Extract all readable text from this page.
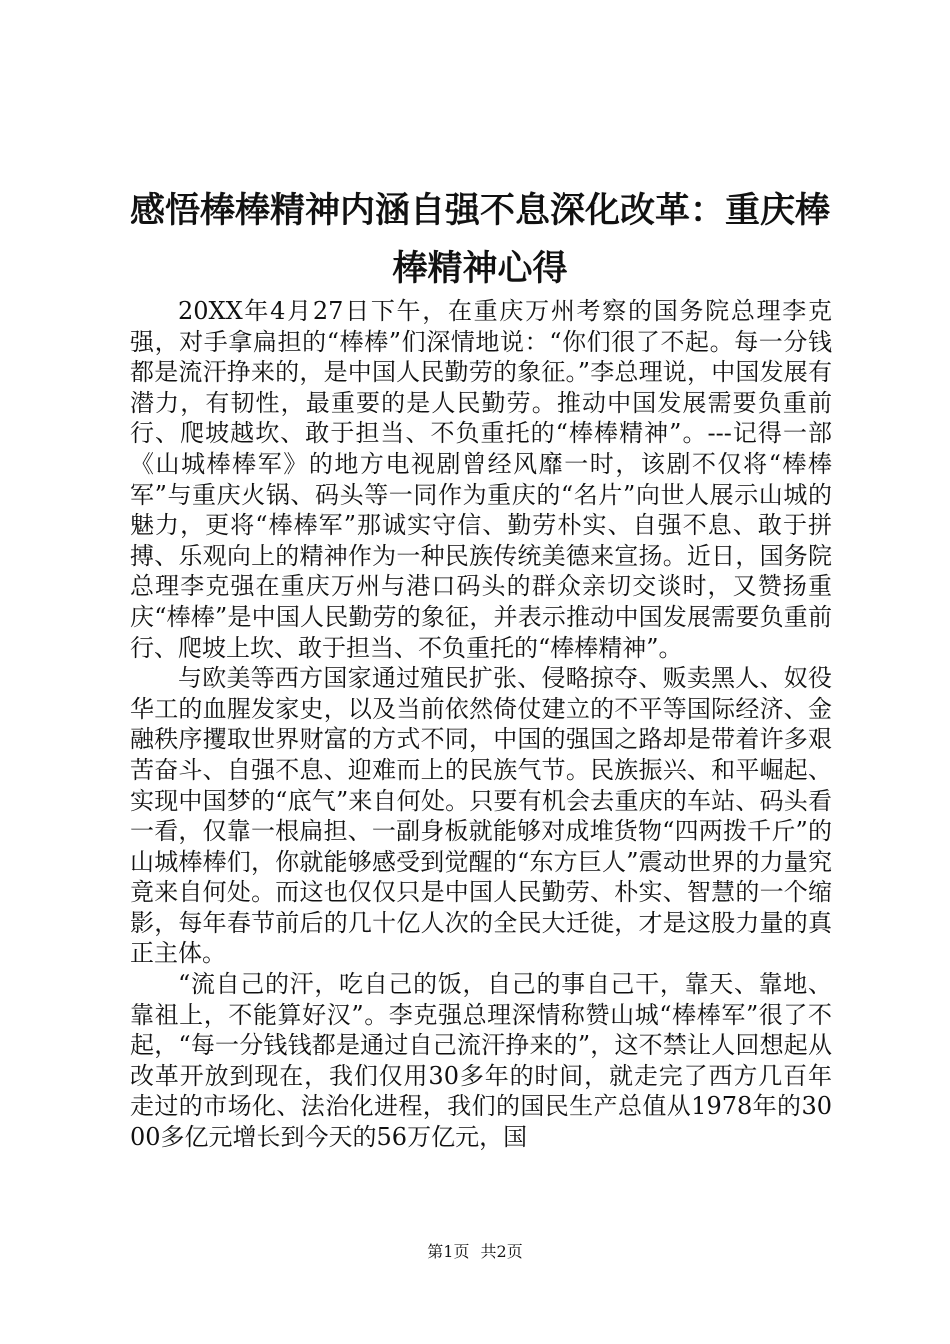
感悟棒棒精神内涵自强不息深化改革：重庆棒棒精神心得

20XX年4月27日下午，在重庆万州考察的国务院总理李克强，对手拿扁担的“棒棒”们深情地说：“你们很了不起。每一分钱都是流汗挣来的，是中国人民勤劳的象征。”李总理说，中国发展有潜力，有韧性，最重要的是人民勤劳。推动中国发展需要负重前行、爬坡越坎、敢于担当、不负重托的“棒棒精神”。---记得一部《山城棒棒军》的地方电视剧曾经风靡一时，该剧不仅将“棒棒军”与重庆火锅、码头等一同作为重庆的“名片”向世人展示山城的魅力，更将“棒棒军”那诚实守信、勤劳朴实、自强不息、敢于拼搏、乐观向上的精神作为一种民族传统美德来宣扬。近日，国务院总理李克强在重庆万州与港口码头的群众亲切交谈时，又赞扬重庆“棒棒”是中国人民勤劳的象征，并表示推动中国发展需要负重前行、爬坡上坎、敢于担当、不负重托的“棒棒精神”。

与欧美等西方国家通过殖民扩张、侵略掠夺、贩卖黑人、奴役华工的血腥发家史，以及当前依然倚仗建立的不平等国际经济、金融秩序攫取世界财富的方式不同，中国的强国之路却是带着许多艰苦奋斗、自强不息、迎难而上的民族气节。民族振兴、和平崛起、实现中国梦的“底气”来自何处。只要有机会去重庆的车站、码头看一看，仅靠一根扁担、一副身板就能够对成堆货物“四两拨千斤”的山城棒棒们，你就能够感受到觉醒的“东方巨人”震动世界的力量究竟来自何处。而这也仅仅只是中国人民勤劳、朴实、智慧的一个缩影，每年春节前后的几十亿人次的全民大迁徙，才是这股力量的真正主体。

“流自己的汗，吃自己的饭，自己的事自己干，靠天、靠地、靠祖上，不能算好汉”。李克强总理深情称赞山城“棒棒军”很了不起，“每一分钱钱都是通过自己流汗挣来的”，这不禁让人回想起从改革开放到现在，我们仅用30多年的时间，就走完了西方几百年走过的市场化、法治化进程，我们的国民生产总值从1978年的3000多亿元增长到今天的56万亿元，国

第1页 共2页
